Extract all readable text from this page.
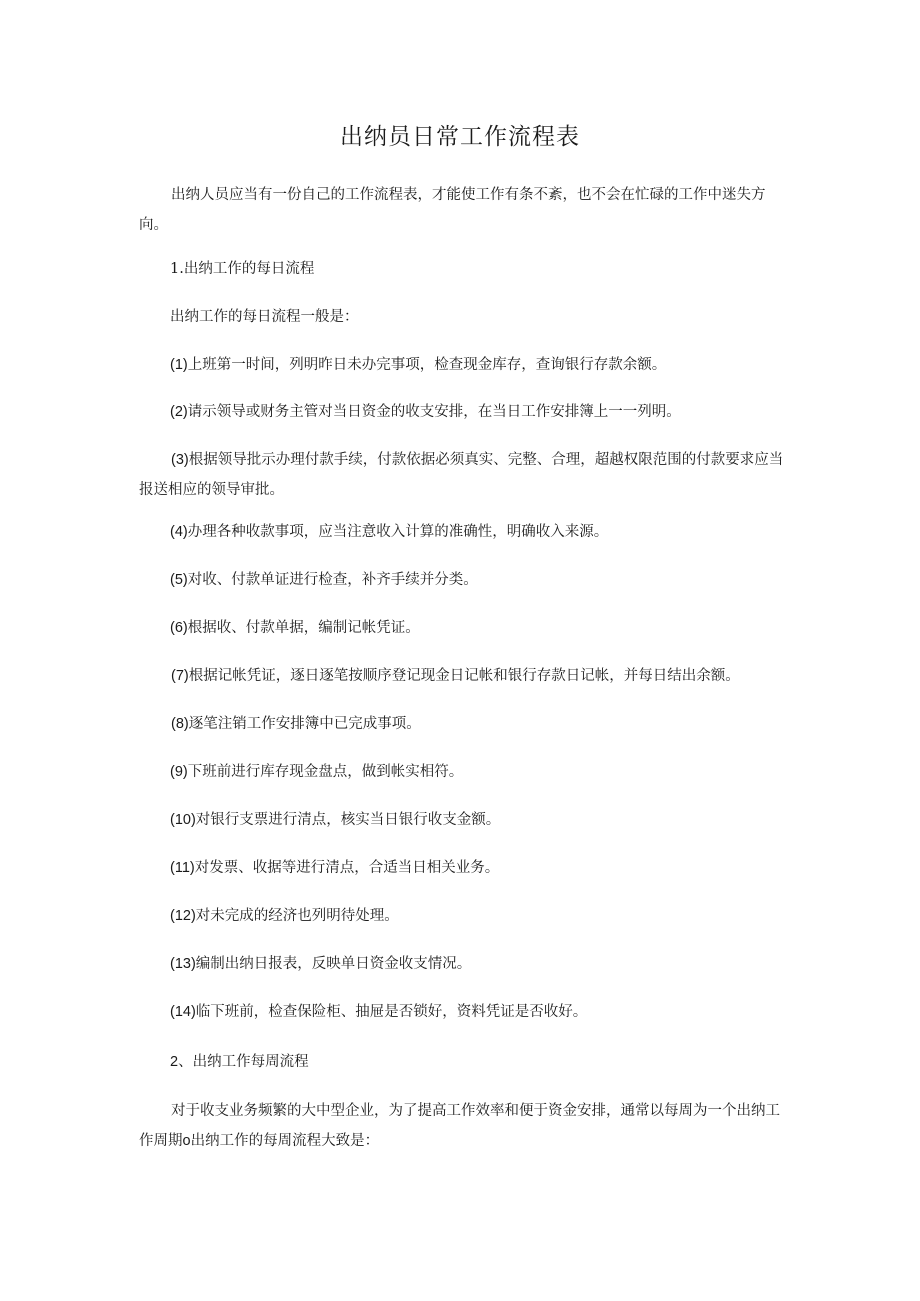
出纳员日常工作流程表
出纳人员应当有一份自己的工作流程表，才能使工作有条不紊，也不会在忙碌的工作中迷失方向。
1.出纳工作的每日流程
出纳工作的每日流程一般是：
(1)上班第一时间，列明昨日未办完事项，检查现金库存，查询银行存款余额。
(2)请示领导或财务主管对当日资金的收支安排，在当日工作安排簿上一一列明。
(3)根据领导批示办理付款手续，付款依据必须真实、完整、合理，超越权限范围的付款要求应当报送相应的领导审批。
(4)办理各种收款事项，应当注意收入计算的准确性，明确收入来源。
(5)对收、付款单证进行检查，补齐手续并分类。
(6)根据收、付款单据，编制记帐凭证。
(7)根据记帐凭证，逐日逐笔按顺序登记现金日记帐和银行存款日记帐，并每日结出余额。
(8)逐笔注销工作安排簿中已完成事项。
(9)下班前进行库存现金盘点，做到帐实相符。
(10)对银行支票进行清点，核实当日银行收支金额。
(11)对发票、收据等进行清点，合适当日相关业务。
(12)对未完成的经济也列明待处理。
(13)编制出纳日报表，反映单日资金收支情况。
(14)临下班前，检查保险柜、抽屉是否锁好，资料凭证是否收好。
2、出纳工作每周流程
对于收支业务频繁的大中型企业，为了提高工作效率和便于资金安排，通常以每周为一个出纳工作周期o出纳工作的每周流程大致是：
